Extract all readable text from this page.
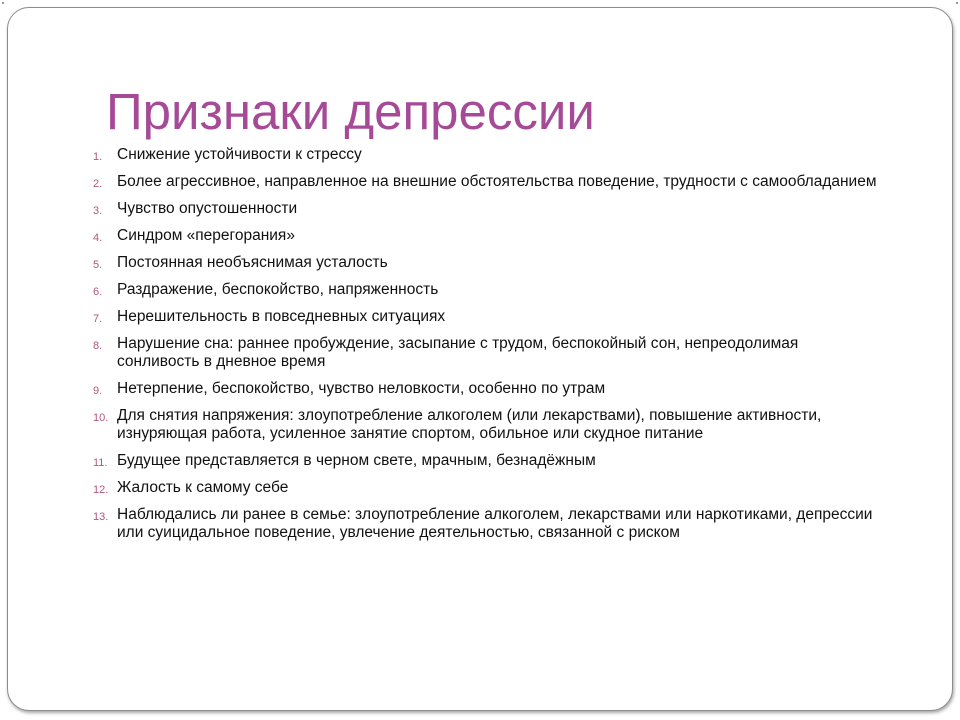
Признаки депрессии
1. Снижение устойчивости к стрессу
2. Более агрессивное, направленное на внешние обстоятельства поведение, трудности с самообладанием
3. Чувство опустошенности
4. Синдром «перегорания»
5. Постоянная необъяснимая усталость
6. Раздражение, беспокойство, напряженность
7. Нерешительность в повседневных ситуациях
8. Нарушение сна: раннее пробуждение, засыпание с трудом, беспокойный сон, непреодолимая сонливость в дневное время
9. Нетерпение, беспокойство, чувство неловкости, особенно по утрам
10. Для снятия напряжения: злоупотребление алкоголем (или лекарствами), повышение активности, изнуряющая работа, усиленное занятие спортом, обильное или скудное питание
11. Будущее представляется в черном свете, мрачным, безнадёжным
12. Жалость к самому себе
13. Наблюдались ли ранее в семье: злоупотребление алкоголем, лекарствами или наркотиками, депрессии или суицидальное поведение, увлечение деятельностью, связанной с риском
